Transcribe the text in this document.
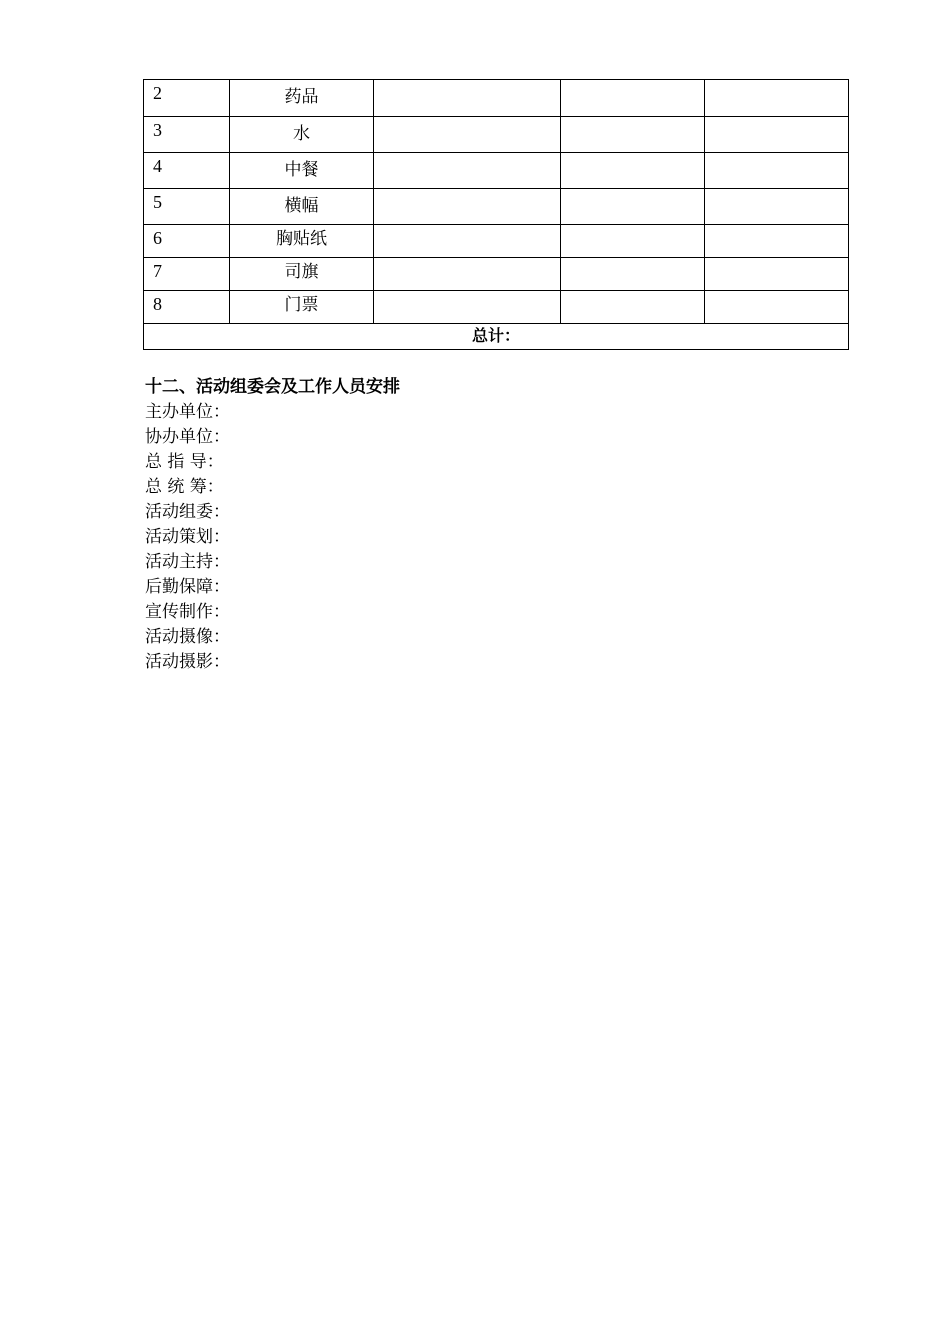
2	药品			
3	水			
4	中餐			
5	横幅			
6	胸贴纸			
7	司旗			
8	门票			
总计：				

十二、活动组委会及工作人员安排

主办单位：
协办单位：
总 指 导：
总 统 筹：
活动组委：
活动策划：
活动主持：
后勤保障：
宣传制作：
活动摄像：
活动摄影：
